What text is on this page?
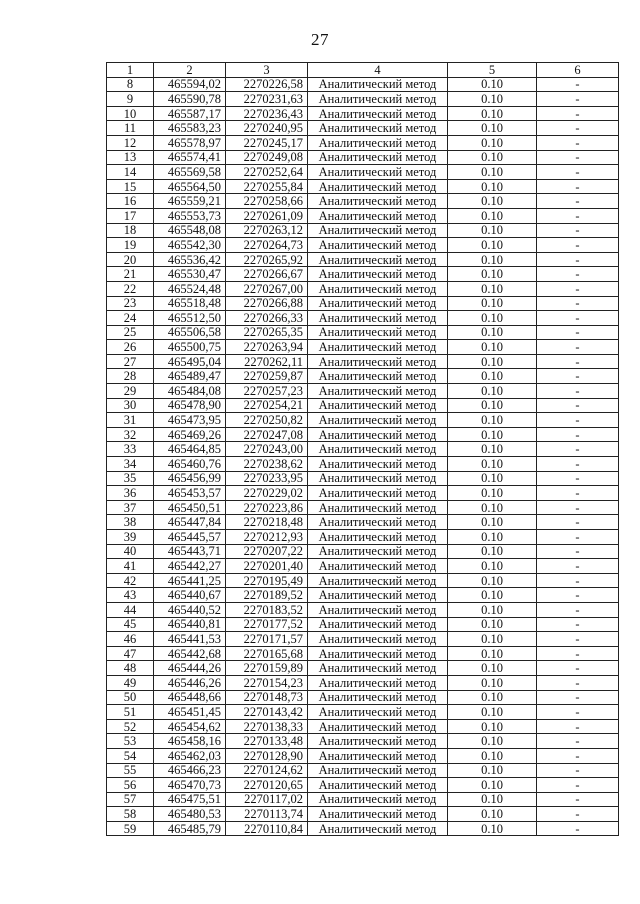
27
1	2	3	4	5	6
8	465594,02	2270226,58	Аналитический метод	0.10	-
9	465590,78	2270231,63	Аналитический метод	0.10	-
10	465587,17	2270236,43	Аналитический метод	0.10	-
11	465583,23	2270240,95	Аналитический метод	0.10	-
12	465578,97	2270245,17	Аналитический метод	0.10	-
13	465574,41	2270249,08	Аналитический метод	0.10	-
14	465569,58	2270252,64	Аналитический метод	0.10	-
15	465564,50	2270255,84	Аналитический метод	0.10	-
16	465559,21	2270258,66	Аналитический метод	0.10	-
17	465553,73	2270261,09	Аналитический метод	0.10	-
18	465548,08	2270263,12	Аналитический метод	0.10	-
19	465542,30	2270264,73	Аналитический метод	0.10	-
20	465536,42	2270265,92	Аналитический метод	0.10	-
21	465530,47	2270266,67	Аналитический метод	0.10	-
22	465524,48	2270267,00	Аналитический метод	0.10	-
23	465518,48	2270266,88	Аналитический метод	0.10	-
24	465512,50	2270266,33	Аналитический метод	0.10	-
25	465506,58	2270265,35	Аналитический метод	0.10	-
26	465500,75	2270263,94	Аналитический метод	0.10	-
27	465495,04	2270262,11	Аналитический метод	0.10	-
28	465489,47	2270259,87	Аналитический метод	0.10	-
29	465484,08	2270257,23	Аналитический метод	0.10	-
30	465478,90	2270254,21	Аналитический метод	0.10	-
31	465473,95	2270250,82	Аналитический метод	0.10	-
32	465469,26	2270247,08	Аналитический метод	0.10	-
33	465464,85	2270243,00	Аналитический метод	0.10	-
34	465460,76	2270238,62	Аналитический метод	0.10	-
35	465456,99	2270233,95	Аналитический метод	0.10	-
36	465453,57	2270229,02	Аналитический метод	0.10	-
37	465450,51	2270223,86	Аналитический метод	0.10	-
38	465447,84	2270218,48	Аналитический метод	0.10	-
39	465445,57	2270212,93	Аналитический метод	0.10	-
40	465443,71	2270207,22	Аналитический метод	0.10	-
41	465442,27	2270201,40	Аналитический метод	0.10	-
42	465441,25	2270195,49	Аналитический метод	0.10	-
43	465440,67	2270189,52	Аналитический метод	0.10	-
44	465440,52	2270183,52	Аналитический метод	0.10	-
45	465440,81	2270177,52	Аналитический метод	0.10	-
46	465441,53	2270171,57	Аналитический метод	0.10	-
47	465442,68	2270165,68	Аналитический метод	0.10	-
48	465444,26	2270159,89	Аналитический метод	0.10	-
49	465446,26	2270154,23	Аналитический метод	0.10	-
50	465448,66	2270148,73	Аналитический метод	0.10	-
51	465451,45	2270143,42	Аналитический метод	0.10	-
52	465454,62	2270138,33	Аналитический метод	0.10	-
53	465458,16	2270133,48	Аналитический метод	0.10	-
54	465462,03	2270128,90	Аналитический метод	0.10	-
55	465466,23	2270124,62	Аналитический метод	0.10	-
56	465470,73	2270120,65	Аналитический метод	0.10	-
57	465475,51	2270117,02	Аналитический метод	0.10	-
58	465480,53	2270113,74	Аналитический метод	0.10	-
59	465485,79	2270110,84	Аналитический метод	0.10	-
